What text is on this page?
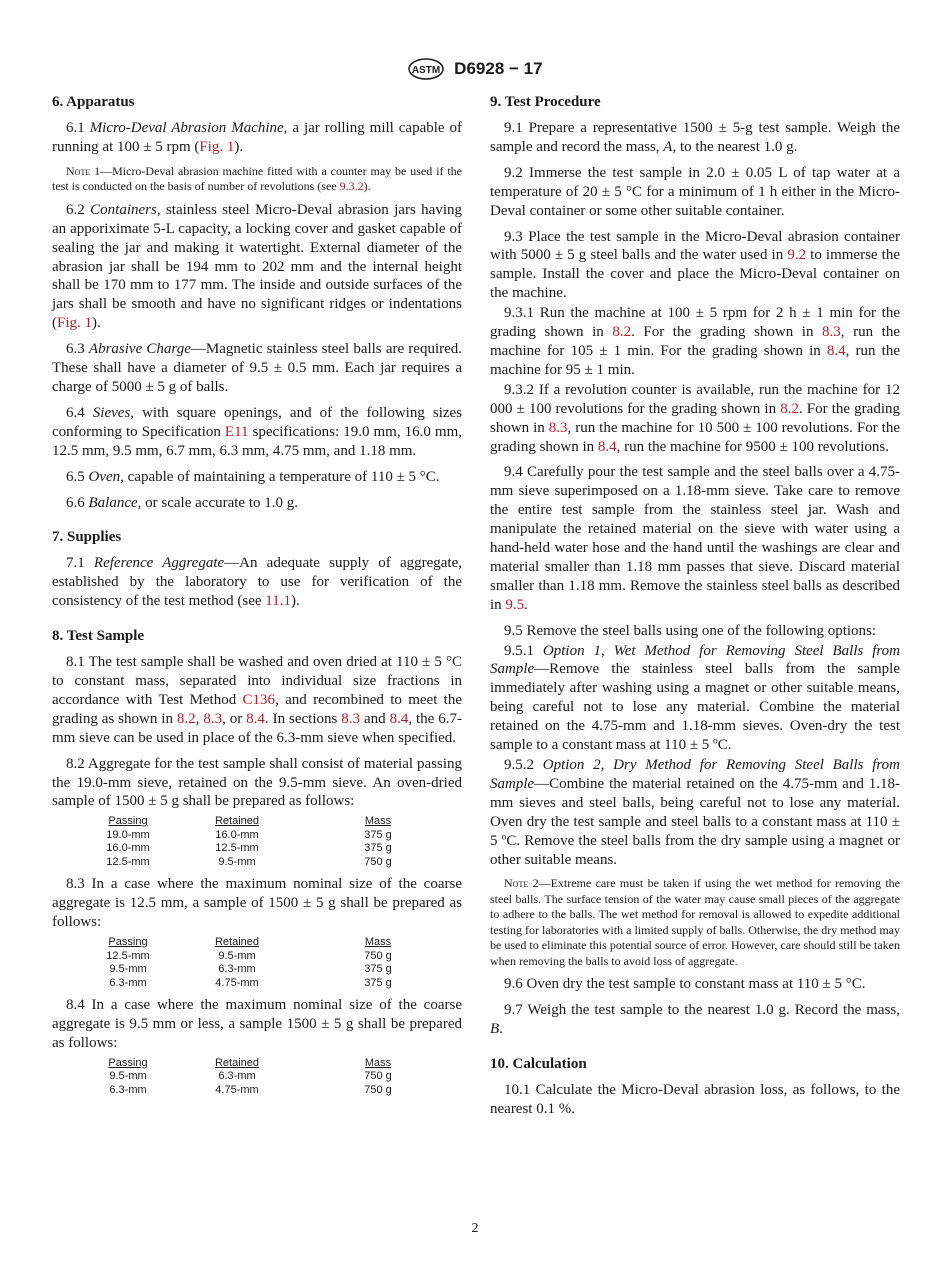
ASTM D6928 − 17
6. Apparatus

6.1 Micro-Deval Abrasion Machine, a jar rolling mill capable of running at 100 ± 5 rpm (Fig. 1).

Note 1—Micro-Deval abrasion machine fitted with a counter may be used if the test is conducted on the basis of number of revolutions (see 9.3.2).

6.2 Containers, stainless steel Micro-Deval abrasion jars having an apporiximate 5-L capacity, a locking cover and gasket capable of sealing the jar and making it watertight. External diameter of the abrasion jar shall be 194 mm to 202 mm and the internal height shall be 170 mm to 177 mm. The inside and outside surfaces of the jars shall be smooth and have no significant ridges or indentations (Fig. 1).

6.3 Abrasive Charge—Magnetic stainless steel balls are required. These shall have a diameter of 9.5 ± 0.5 mm. Each jar requires a charge of 5000 ± 5 g of balls.

6.4 Sieves, with square openings, and of the following sizes conforming to Specification E11 specifications: 19.0 mm, 16.0 mm, 12.5 mm, 9.5 mm, 6.7 mm, 6.3 mm, 4.75 mm, and 1.18 mm.

6.5 Oven, capable of maintaining a temperature of 110 ± 5 °C.

6.6 Balance, or scale accurate to 1.0 g.

7. Supplies

7.1 Reference Aggregate—An adequate supply of aggregate, established by the laboratory to use for verification of the consistency of the test method (see 11.1).

8. Test Sample

8.1 The test sample shall be washed and oven dried at 110 ± 5 °C to constant mass, separated into individual size fractions in accordance with Test Method C136, and recombined to meet the grading as shown in 8.2, 8.3, or 8.4. In sections 8.3 and 8.4, the 6.7-mm sieve can be used in place of the 6.3-mm sieve when specified.

8.2 Aggregate for the test sample shall consist of material passing the 19.0-mm sieve, retained on the 9.5-mm sieve. An oven-dried sample of 1500 ± 5 g shall be prepared as follows:

Passing	Retained	Mass
19.0-mm	16.0-mm	375 g
16.0-mm	12.5-mm	375 g
12.5-mm	9.5-mm	750 g

8.3 In a case where the maximum nominal size of the coarse aggregate is 12.5 mm, a sample of 1500 ± 5 g shall be prepared as follows:

Passing	Retained	Mass
12.5-mm	9.5-mm	750 g
9.5-mm	6.3-mm	375 g
6.3-mm	4.75-mm	375 g

8.4 In a case where the maximum nominal size of the coarse aggregate is 9.5 mm or less, a sample 1500 ± 5 g shall be prepared as follows:

Passing	Retained	Mass
9.5-mm	6.3-mm	750 g
6.3-mm	4.75-mm	750 g
9. Test Procedure

9.1 Prepare a representative 1500 ± 5-g test sample. Weigh the sample and record the mass, A, to the nearest 1.0 g.

9.2 Immerse the test sample in 2.0 ± 0.05 L of tap water at a temperature of 20 ± 5 °C for a minimum of 1 h either in the Micro-Deval container or some other suitable container.

9.3 Place the test sample in the Micro-Deval abrasion container with 5000 ± 5 g steel balls and the water used in 9.2 to immerse the sample. Install the cover and place the Micro-Deval container on the machine.

9.3.1 Run the machine at 100 ± 5 rpm for 2 h ± 1 min for the grading shown in 8.2. For the grading shown in 8.3, run the machine for 105 ± 1 min. For the grading shown in 8.4, run the machine for 95 ± 1 min.

9.3.2 If a revolution counter is available, run the machine for 12 000 ± 100 revolutions for the grading shown in 8.2. For the grading shown in 8.3, run the machine for 10 500 ± 100 revolutions. For the grading shown in 8.4, run the machine for 9500 ± 100 revolutions.

9.4 Carefully pour the test sample and the steel balls over a 4.75-mm sieve superimposed on a 1.18-mm sieve. Take care to remove the entire test sample from the stainless steel jar. Wash and manipulate the retained material on the sieve with water using a hand-held water hose and the hand until the washings are clear and material smaller than 1.18 mm passes that sieve. Discard material smaller than 1.18 mm. Remove the stainless steel balls as described in 9.5.

9.5 Remove the steel balls using one of the following options:

9.5.1 Option 1, Wet Method for Removing Steel Balls from Sample—Remove the stainless steel balls from the sample immediately after washing using a magnet or other suitable means, being careful not to lose any material. Combine the material retained on the 4.75-mm and 1.18-mm sieves. Oven-dry the test sample to a constant mass at 110 ± 5 ºC.

9.5.2 Option 2, Dry Method for Removing Steel Balls from Sample—Combine the material retained on the 4.75-mm and 1.18-mm sieves and steel balls, being careful not to lose any material. Oven dry the test sample and steel balls to a constant mass at 110 ± 5 ºC. Remove the steel balls from the dry sample using a magnet or other suitable means.

Note 2—Extreme care must be taken if using the wet method for removing the steel balls. The surface tension of the water may cause small pieces of the aggregate to adhere to the balls. The wet method for removal is allowed to expedite additional testing for laboratories with a limited supply of balls. Otherwise, the dry method may be used to eliminate this potential source of error. However, care should still be taken when removing the balls to avoid loss of aggregate.

9.6 Oven dry the test sample to constant mass at 110 ± 5 °C.

9.7 Weigh the test sample to the nearest 1.0 g. Record the mass, B.

10. Calculation

10.1 Calculate the Micro-Deval abrasion loss, as follows, to the nearest 0.1 %.

2
